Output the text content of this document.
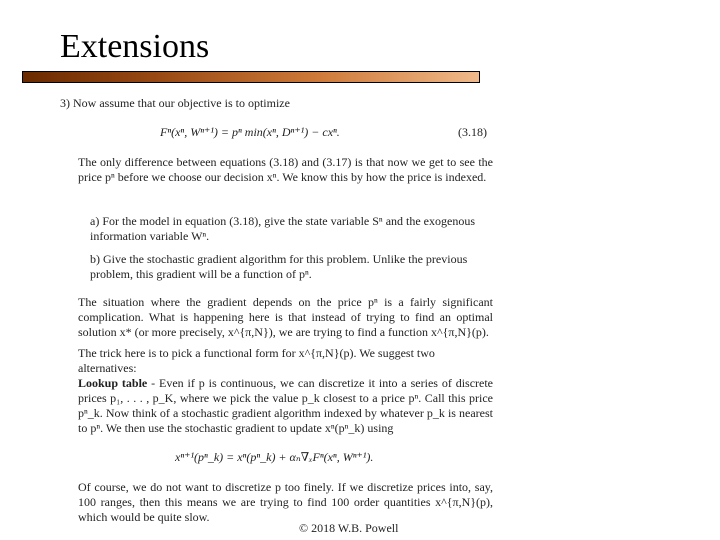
Extensions
3) Now assume that our objective is to optimize
Fⁿ(xⁿ, Wⁿ⁺¹) = pⁿ min(xⁿ, Dⁿ⁺¹) − cxⁿ.	(3.18)
The only difference between equations (3.18) and (3.17) is that now we get to see the price pⁿ before we choose our decision xⁿ. We know this by how the price is indexed.
a) For the model in equation (3.18), give the state variable Sⁿ and the exogenous information variable Wⁿ.
b) Give the stochastic gradient algorithm for this problem. Unlike the previous problem, this gradient will be a function of pⁿ.
The situation where the gradient depends on the price pⁿ is a fairly significant complication. What is happening here is that instead of trying to find an optimal solution x* (or more precisely, x^{π,N}), we are trying to find a function x^{π,N}(p).
The trick here is to pick a functional form for x^{π,N}(p). We suggest two alternatives:
Lookup table - Even if p is continuous, we can discretize it into a series of discrete prices p₁, . . . , p_K, where we pick the value p_k closest to a price pⁿ. Call this price pⁿ_k. Now think of a stochastic gradient algorithm indexed by whatever p_k is nearest to pⁿ. We then use the stochastic gradient to update xⁿ(pⁿ_k) using
xⁿ⁺¹(pⁿ_k) = xⁿ(pⁿ_k) + αₙ∇ₓFⁿ(xⁿ, Wⁿ⁺¹).
Of course, we do not want to discretize p too finely. If we discretize prices into, say, 100 ranges, then this means we are trying to find 100 order quantities x^{π,N}(p), which would be quite slow.
© 2018 W.B. Powell
